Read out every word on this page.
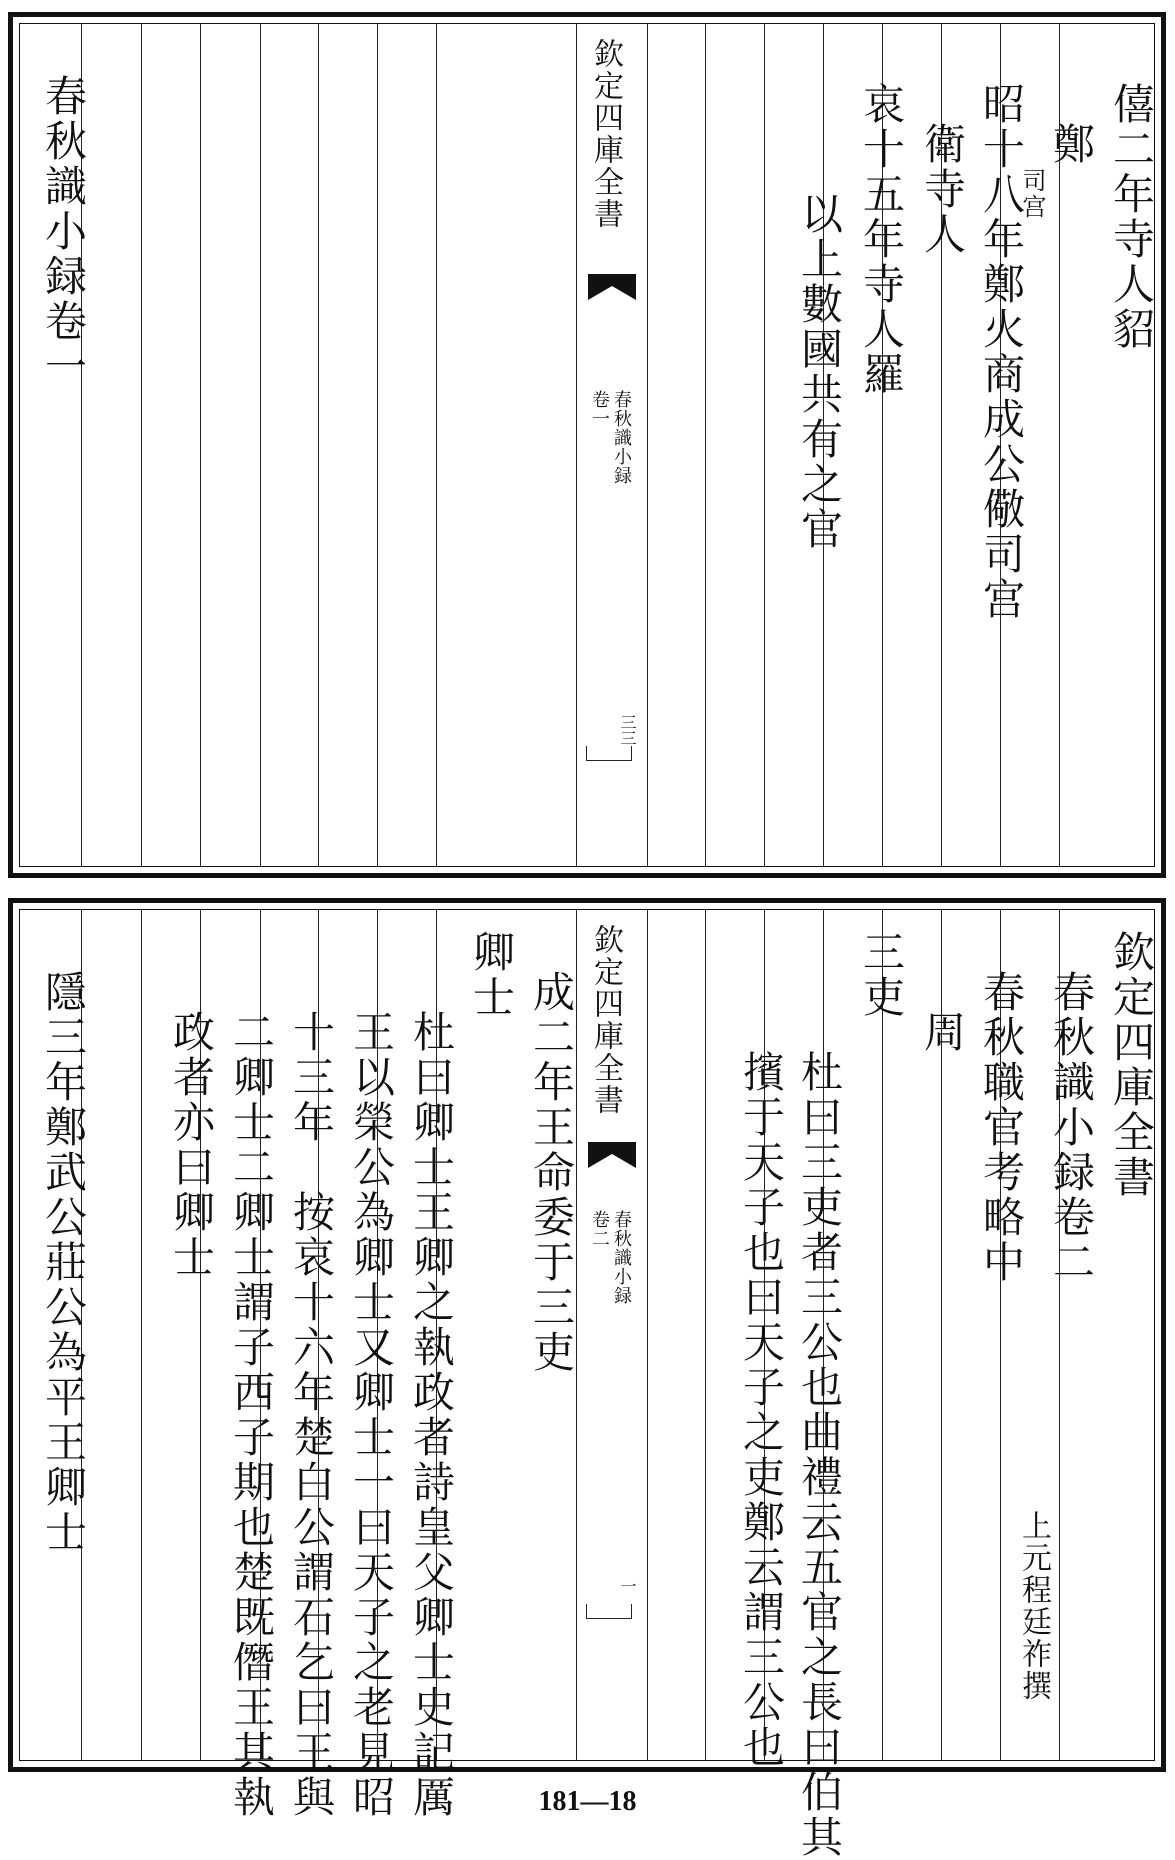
欽定四庫全書
春秋識小録
卷一
三三
僖二年寺人貂
鄭
司宫
昭十八年鄭火商成公儆司宫
衛寺人
哀十五年寺人羅
以上數國共有之官
春秋識小録卷一
欽定四庫全書
春秋識小録
卷二
一
欽定四庫全書
春秋識小録卷二
上元程廷祚撰
春秋職官考略中
周
三吏
杜曰三吏者三公也曲禮云五官之長曰伯其
擯于天子也曰天子之吏鄭云謂三公也
成二年王命委于三吏
卿士
杜曰卿士王卿之執政者詩皇父卿士史記厲
王以榮公為卿士又卿士一曰天子之老見昭
十三年　按哀十六年楚白公謂石乞曰王與
二卿士二卿士謂子西子期也楚既僭王其執
政者亦曰卿士
隱三年鄭武公莊公為平王卿士
181—18
